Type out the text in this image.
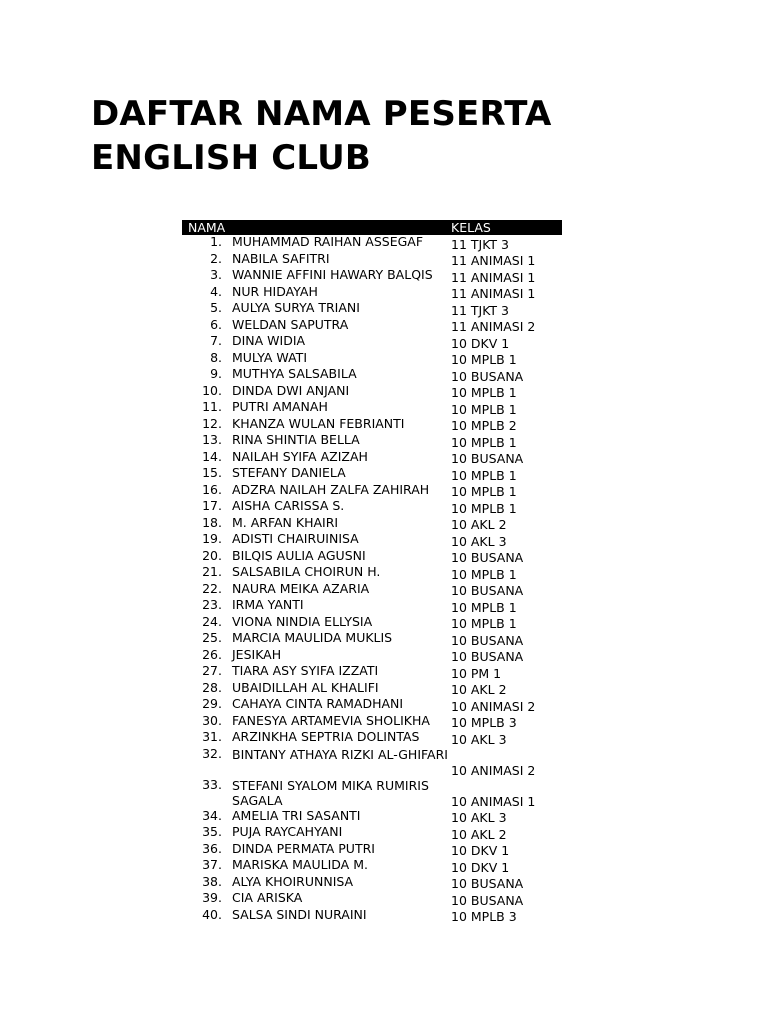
DAFTAR NAMA PESERTA
ENGLISH CLUB
NAMA		KELAS
1.	MUHAMMAD RAIHAN ASSEGAF	11 TJKT 3
2.	NABILA SAFITRI	11 ANIMASI 1
3.	WANNIE AFFINI HAWARY BALQIS	11 ANIMASI 1
4.	NUR HIDAYAH	11 ANIMASI 1
5.	AULYA SURYA TRIANI	11 TJKT 3
6.	WELDAN SAPUTRA	11 ANIMASI 2
7.	DINA WIDIA	10 DKV 1
8.	MULYA WATI	10 MPLB 1
9.	MUTHYA SALSABILA	10 BUSANA
10.	DINDA DWI ANJANI	10 MPLB 1
11.	PUTRI AMANAH	10 MPLB 1
12.	KHANZA WULAN FEBRIANTI	10 MPLB 2
13.	RINA SHINTIA BELLA	10 MPLB 1
14.	NAILAH SYIFA AZIZAH	10 BUSANA
15.	STEFANY DANIELA	10 MPLB 1
16.	ADZRA NAILAH ZALFA ZAHIRAH	10 MPLB 1
17.	AISHA CARISSA S.	10 MPLB 1
18.	M. ARFAN KHAIRI	10 AKL 2
19.	ADISTI CHAIRUINISA	10 AKL 3
20.	BILQIS AULIA AGUSNI	10 BUSANA
21.	SALSABILA CHOIRUN H.	10 MPLB 1
22.	NAURA MEIKA AZARIA	10 BUSANA
23.	IRMA YANTI	10 MPLB 1
24.	VIONA NINDIA ELLYSIA	10 MPLB 1
25.	MARCIA MAULIDA MUKLIS	10 BUSANA
26.	JESIKAH	10 BUSANA
27.	TIARA ASY SYIFA IZZATI	10 PM 1
28.	UBAIDILLAH AL KHALIFI	10 AKL 2
29.	CAHAYA CINTA RAMADHANI	10 ANIMASI 2
30.	FANESYA ARTAMEVIA SHOLIKHA	10 MPLB 3
31.	ARZINKHA SEPTRIA DOLINTAS	10 AKL 3
32.	BINTANY ATHAYA RIZKI AL-GHIFARI	10 ANIMASI 2
33.	STEFANI SYALOM MIKA RUMIRIS SAGALA	10 ANIMASI 1
34.	AMELIA TRI SASANTI	10 AKL 3
35.	PUJA RAYCAHYANI	10 AKL 2
36.	DINDA PERMATA PUTRI	10 DKV 1
37.	MARISKA MAULIDA M.	10 DKV 1
38.	ALYA KHOIRUNNISA	10 BUSANA
39.	CIA ARISKA	10 BUSANA
40.	SALSA SINDI NURAINI	10 MPLB 3
